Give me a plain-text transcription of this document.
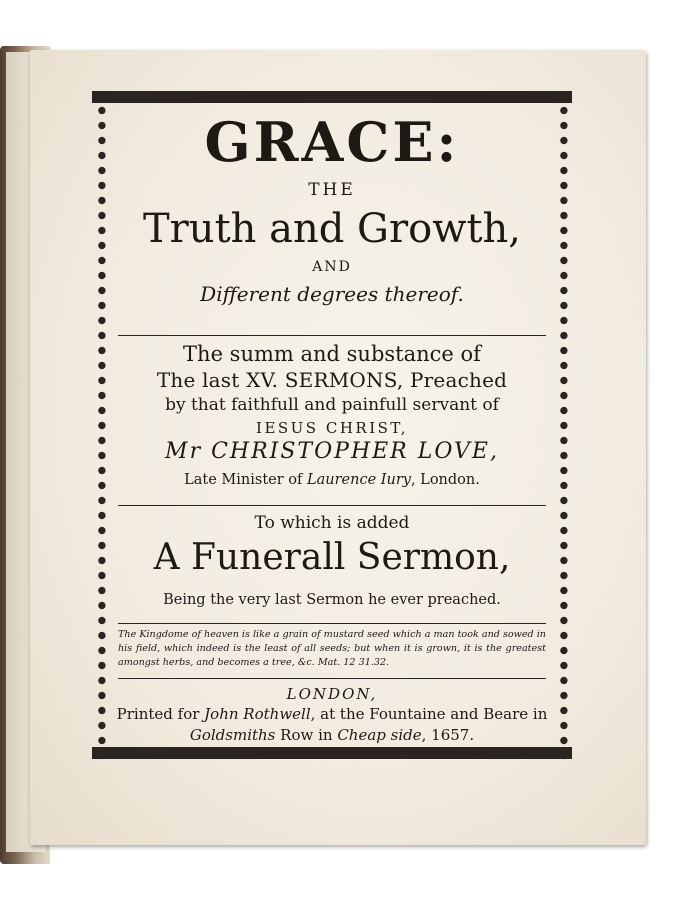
GRACE:
THE
Truth and Growth,
AND
Different degrees thereof.
The summ and substance of
The last XV. SERMONS, Preached
by that faithfull and painfull servant of
IESUS CHRIST,
Mr CHRISTOPHER LOVE,
Late Minister of Laurence Iury, London.
To which is added
A Funerall Sermon,
Being the very last Sermon he ever preached.
The Kingdome of heaven is like a grain of mustard seed which a man took and sowed in his field, which indeed is the least of all seeds; but when it is grown, it is the greatest amongst herbs, and becomes a tree, &c. Mat. 12 31.32.
LONDON,
Printed for John Rothwell, at the Fountaine and Beare in
Goldsmiths Row in Cheap side, 1657.
